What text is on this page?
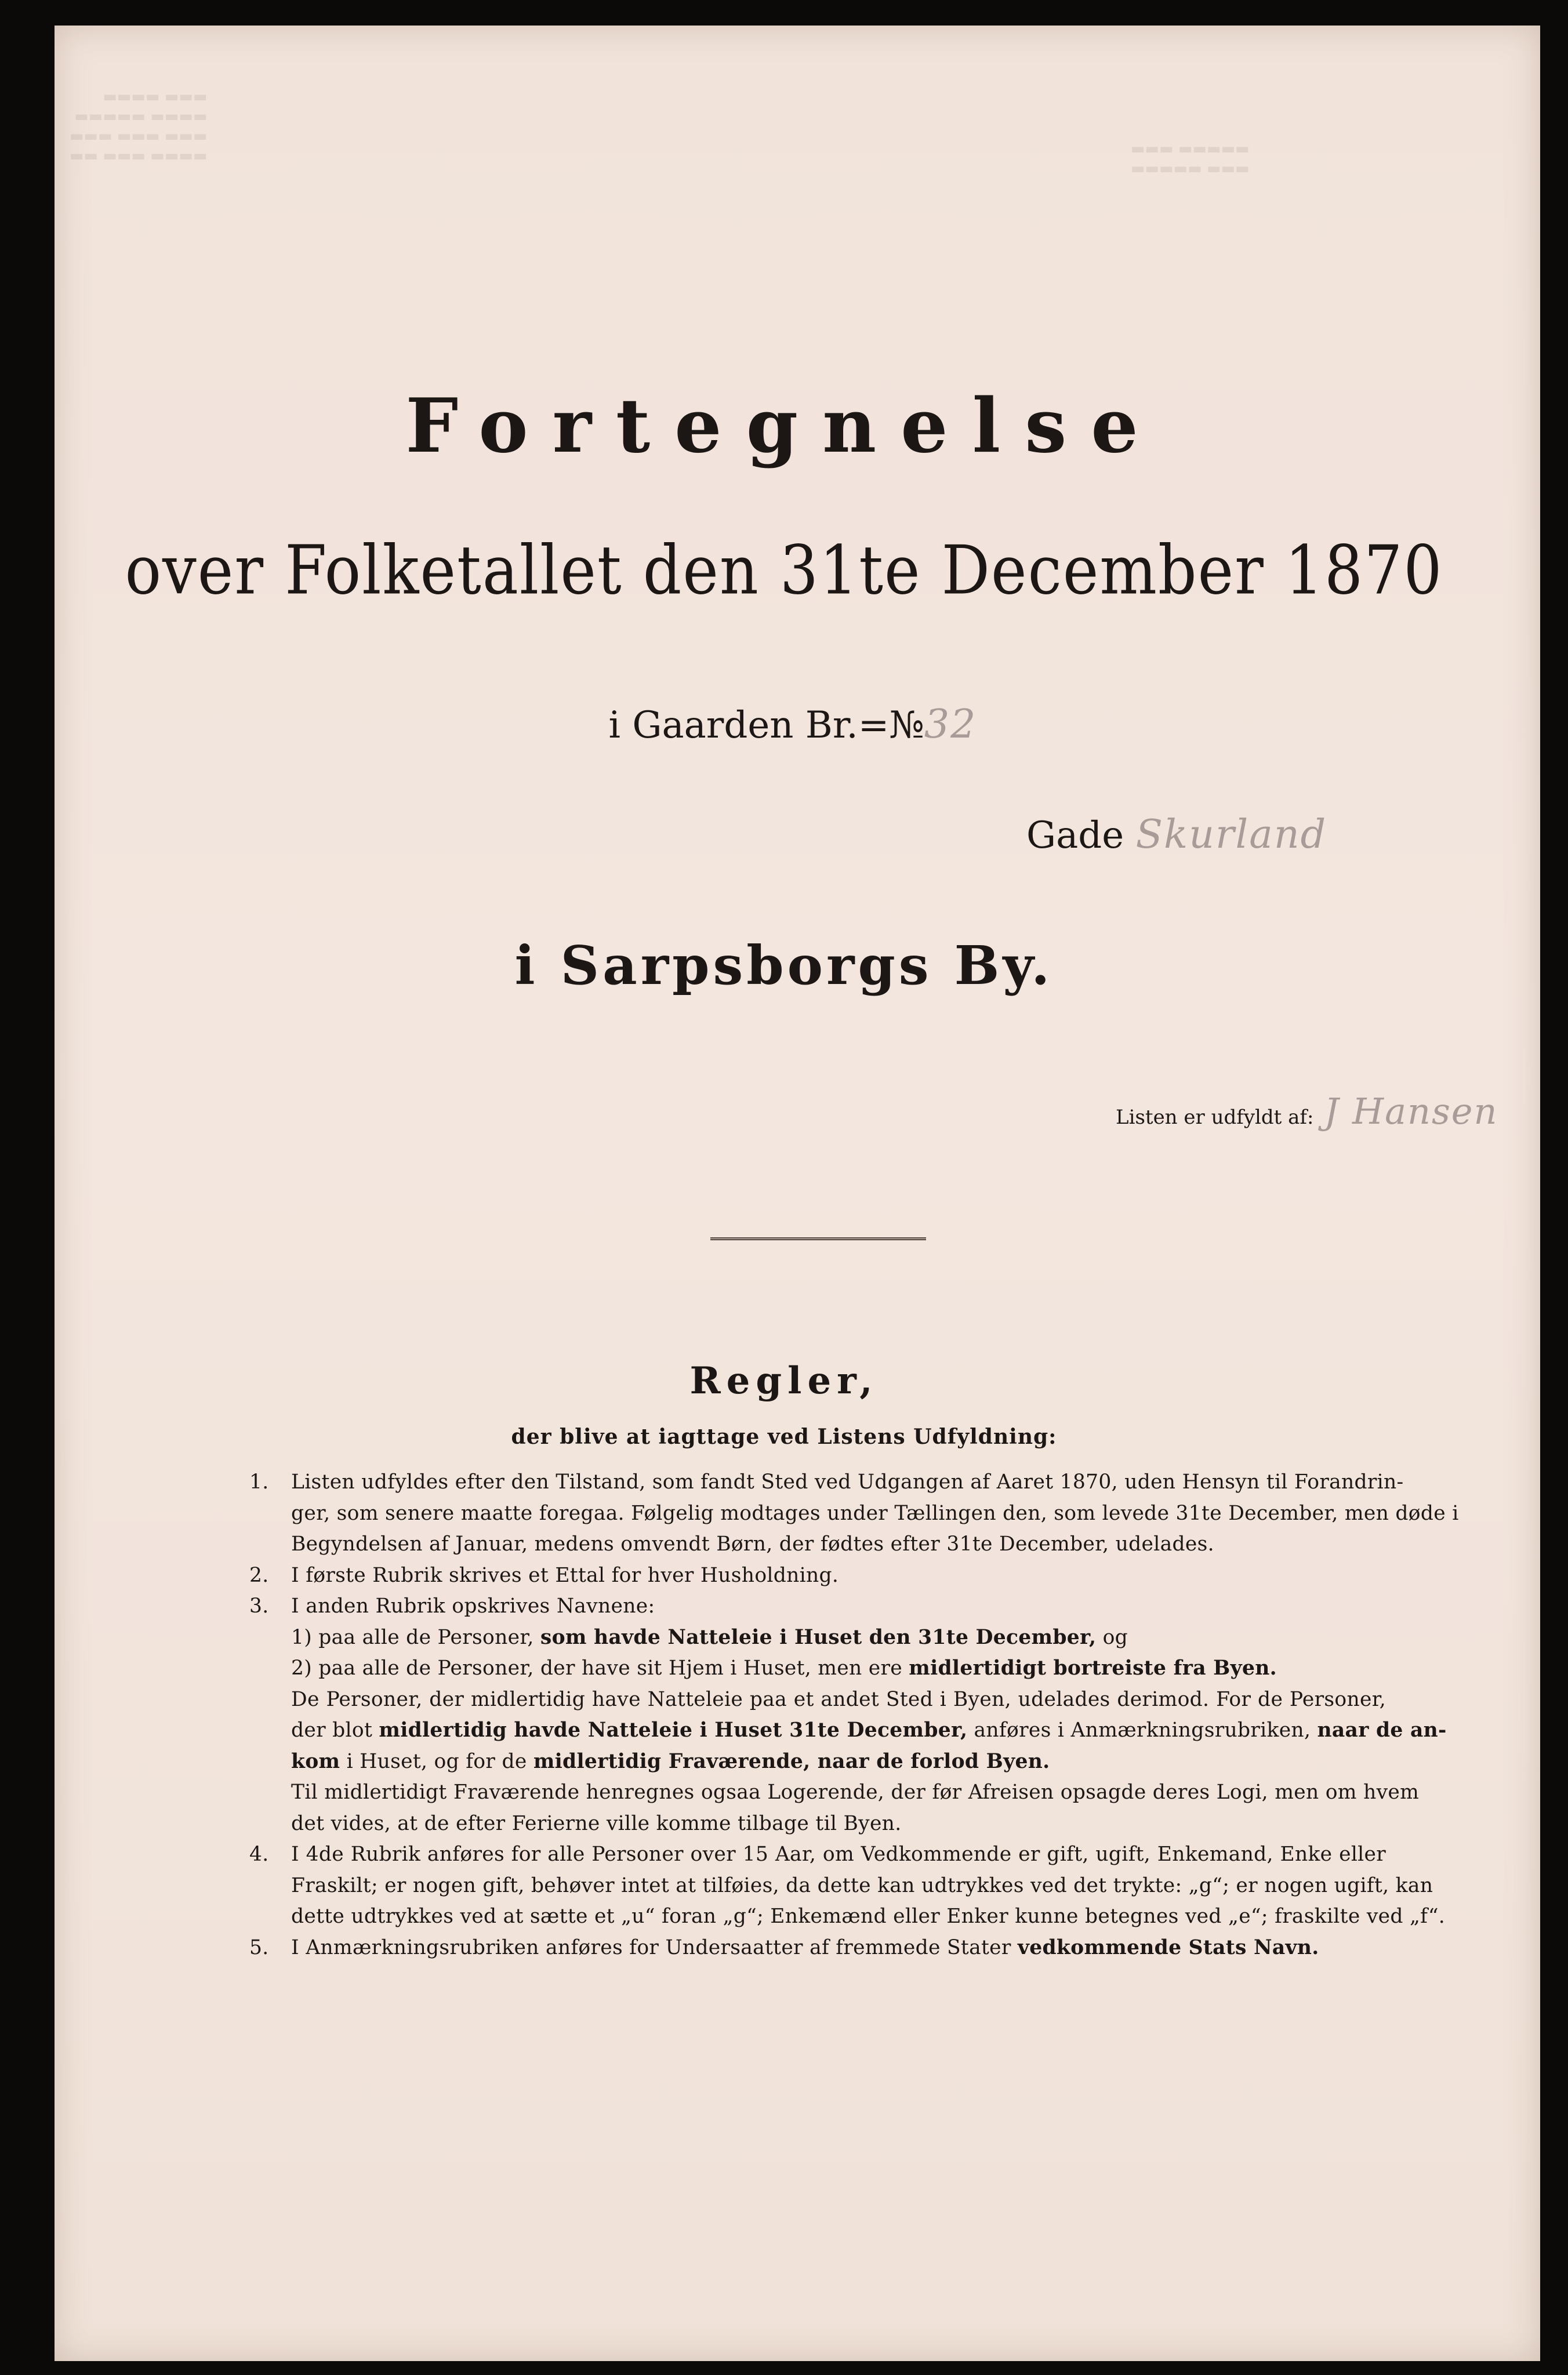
▬▬▬ ▬▬▬▬
▬▬▬▬ ▬▬▬▬▬
▬▬▬ ▬▬▬ ▬▬▬
▬▬▬▬ ▬▬▬ ▬▬	▬▬▬▬▬ ▬▬▬
▬▬▬ ▬▬▬▬▬
Fortegnelse
over Folketallet den 31te December 1870
i Gaarden Br.=№32
Gade Skurland
i Sarpsborgs By.
Listen er udfyldt af: J Hansen
Regler,
der blive at iagttage ved Listens Udfyldning:
1. Listen udfyldes efter den Tilstand, som fandt Sted ved Udgangen af Aaret 1870, uden Hensyn til Forandrin-
ger, som senere maatte foregaa. Følgelig modtages under Tællingen den, som levede 31te December, men døde i
Begyndelsen af Januar, medens omvendt Børn, der fødtes efter 31te December, udelades.
2. I første Rubrik skrives et Ettal for hver Husholdning.
3. I anden Rubrik opskrives Navnene:
1) paa alle de Personer, som havde Natteleie i Huset den 31te December, og
2) paa alle de Personer, der have sit Hjem i Huset, men ere midlertidigt bortreiste fra Byen.
De Personer, der midlertidig have Natteleie paa et andet Sted i Byen, udelades derimod. For de Personer,
der blot midlertidig havde Natteleie i Huset 31te December, anføres i Anmærkningsrubriken, naar de an-
kom i Huset, og for de midlertidig Fraværende, naar de forlod Byen.
Til midlertidigt Fraværende henregnes ogsaa Logerende, der før Afreisen opsagde deres Logi, men om hvem
det vides, at de efter Ferierne ville komme tilbage til Byen.
4. I 4de Rubrik anføres for alle Personer over 15 Aar, om Vedkommende er gift, ugift, Enkemand, Enke eller
Fraskilt; er nogen gift, behøver intet at tilføies, da dette kan udtrykkes ved det trykte: „g“; er nogen ugift, kan
dette udtrykkes ved at sætte et „u“ foran „g“; Enkemænd eller Enker kunne betegnes ved „e“; fraskilte ved „f“.
5. I Anmærkningsrubriken anføres for Undersaatter af fremmede Stater vedkommende Stats Navn.
